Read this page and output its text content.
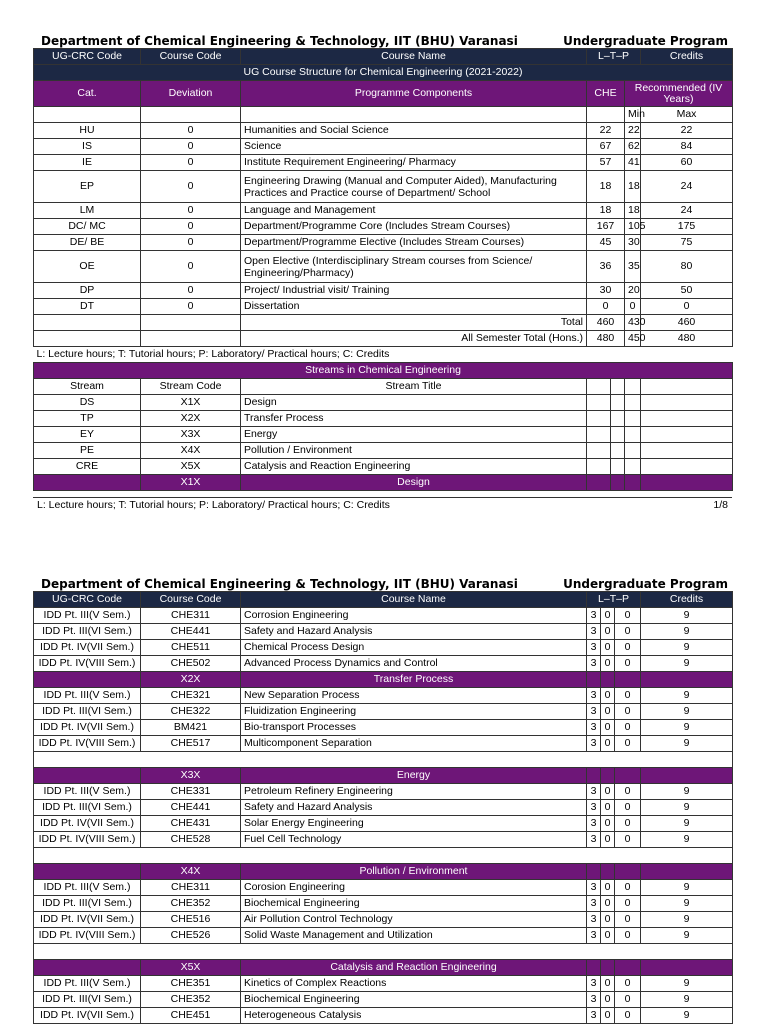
Department of Chemical Engineering & Technology, IIT (BHU) Varanasi	Undergraduate Program
UG-CRC Code	Course Code	Course Name	L–T–P			Credits
UG Course Structure for Chemical Engineering (2021-2022)						
Cat.	Deviation	Programme Components	CHE		Recommended (IV Years)	
					Min	Max
HU	0	Humanities and Social Science	22		22	22
IS	0	Science	67		62	84
IE	0	Institute Requirement Engineering/ Pharmacy	57		41	60
EP	0	Engineering Drawing (Manual and Computer Aided), Manufacturing Practices and Practice course of Department/ School	18		18	24
LM	0	Language and Management	18		18	24
DC/ MC	0	Department/Programme Core (Includes Stream Courses)	167		105	175
DE/ BE	0	Department/Programme Elective (Includes Stream Courses)	45		30	75
OE	0	Open Elective (Interdisciplinary Stream courses from Science/ Engineering/Pharmacy)	36		35	80
DP	0	Project/ Industrial visit/ Training	30		20	50
DT	0	Dissertation	0		0	0
		Total	460		430	460
		All Semester Total (Hons.)	480		450	480
L: Lecture hours; T: Tutorial hours; P: Laboratory/ Practical hours; C: Credits						
Streams in Chemical Engineering						
Stream	Stream Code	Stream Title				
DS	X1X	Design				
TP	X2X	Transfer Process				
EY	X3X	Energy				
PE	X4X	Pollution / Environment				
CRE	X5X	Catalysis and Reaction Engineering				
	X1X	Design				
L: Lecture hours; T: Tutorial hours; P: Laboratory/ Practical hours; C: Credits	1/8
Department of Chemical Engineering & Technology, IIT (BHU) Varanasi	Undergraduate Program
UG-CRC Code	Course Code	Course Name	L–T–P			Credits
IDD Pt. III(V Sem.)	CHE311	Corrosion Engineering	3	0	0	9
IDD Pt. III(VI Sem.)	CHE441	Safety and Hazard Analysis	3	0	0	9
IDD Pt. IV(VII Sem.)	CHE511	Chemical Process Design	3	0	0	9
IDD Pt. IV(VIII Sem.)	CHE502	Advanced Process Dynamics and Control	3	0	0	9
	X2X	Transfer Process				
IDD Pt. III(V Sem.)	CHE321	New Separation Process	3	0	0	9
IDD Pt. III(VI Sem.)	CHE322	Fluidization Engineering	3	0	0	9
IDD Pt. IV(VII Sem.)	BM421	Bio-transport Processes	3	0	0	9
IDD Pt. IV(VIII Sem.)	CHE517	Multicomponent Separation	3	0	0	9

	X3X	Energy				
IDD Pt. III(V Sem.)	CHE331	Petroleum Refinery Engineering	3	0	0	9
IDD Pt. III(VI Sem.)	CHE441	Safety and Hazard Analysis	3	0	0	9
IDD Pt. IV(VII Sem.)	CHE431	Solar Energy Engineering	3	0	0	9
IDD Pt. IV(VIII Sem.)	CHE528	Fuel Cell Technology	3	0	0	9

	X4X	Pollution / Environment				
IDD Pt. III(V Sem.)	CHE311	Corosion Engineering	3	0	0	9
IDD Pt. III(VI Sem.)	CHE352	Biochemical Engineering	3	0	0	9
IDD Pt. IV(VII Sem.)	CHE516	Air Pollution Control Technology	3	0	0	9
IDD Pt. IV(VIII Sem.)	CHE526	Solid Waste Management and Utilization	3	0	0	9

	X5X	Catalysis and Reaction Engineering				
IDD Pt. III(V Sem.)	CHE351	Kinetics of Complex Reactions	3	0	0	9
IDD Pt. III(VI Sem.)	CHE352	Biochemical Engineering	3	0	0	9
IDD Pt. IV(VII Sem.)	CHE451	Heterogeneous Catalysis	3	0	0	9
